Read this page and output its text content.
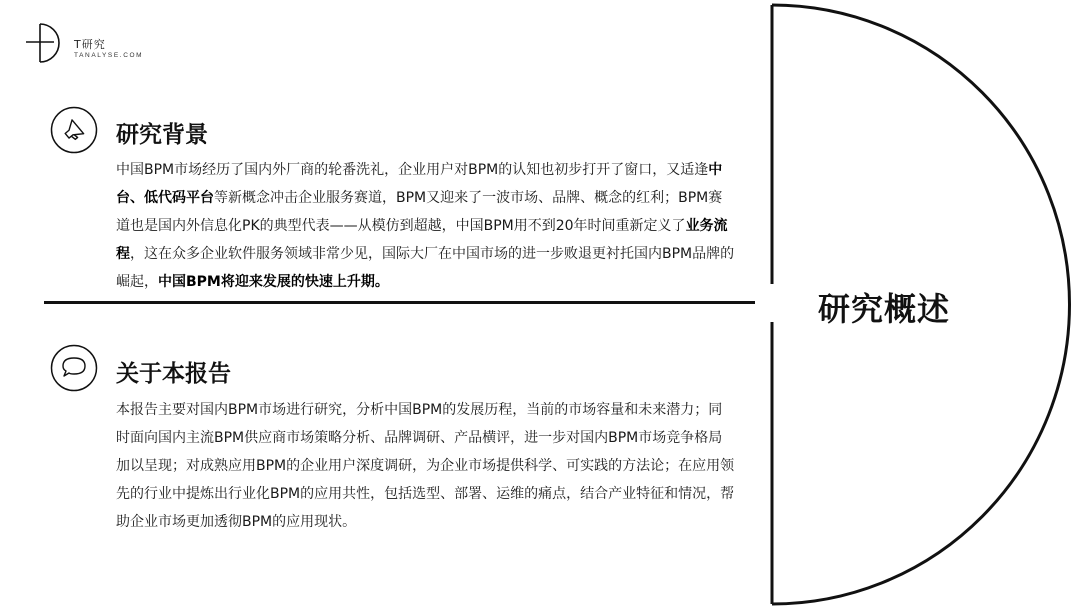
T研究
TANALYSE.COM
研究背景

中国BPM市场经历了国内外厂商的轮番洗礼，企业用户对BPM的认知也初步打开了窗口，又适逢中台、低代码平台等新概念冲击企业服务赛道，BPM又迎来了一波市场、品牌、概念的红利；BPM赛道也是国内外信息化PK的典型代表——从模仿到超越，中国BPM用不到20年时间重新定义了业务流程，这在众多企业软件服务领域非常少见，国际大厂在中国市场的进一步败退更衬托国内BPM品牌的崛起，中国BPM将迎来发展的快速上升期。

关于本报告

本报告主要对国内BPM市场进行研究，分析中国BPM的发展历程，当前的市场容量和未来潜力；同时面向国内主流BPM供应商市场策略分析、品牌调研、产品横评，进一步对国内BPM市场竞争格局加以呈现；对成熟应用BPM的企业用户深度调研，为企业市场提供科学、可实践的方法论；在应用领先的行业中提炼出行业化BPM的应用共性，包括选型、部署、运维的痛点，结合产业特征和情况，帮助企业市场更加透彻BPM的应用现状。

研究概述
